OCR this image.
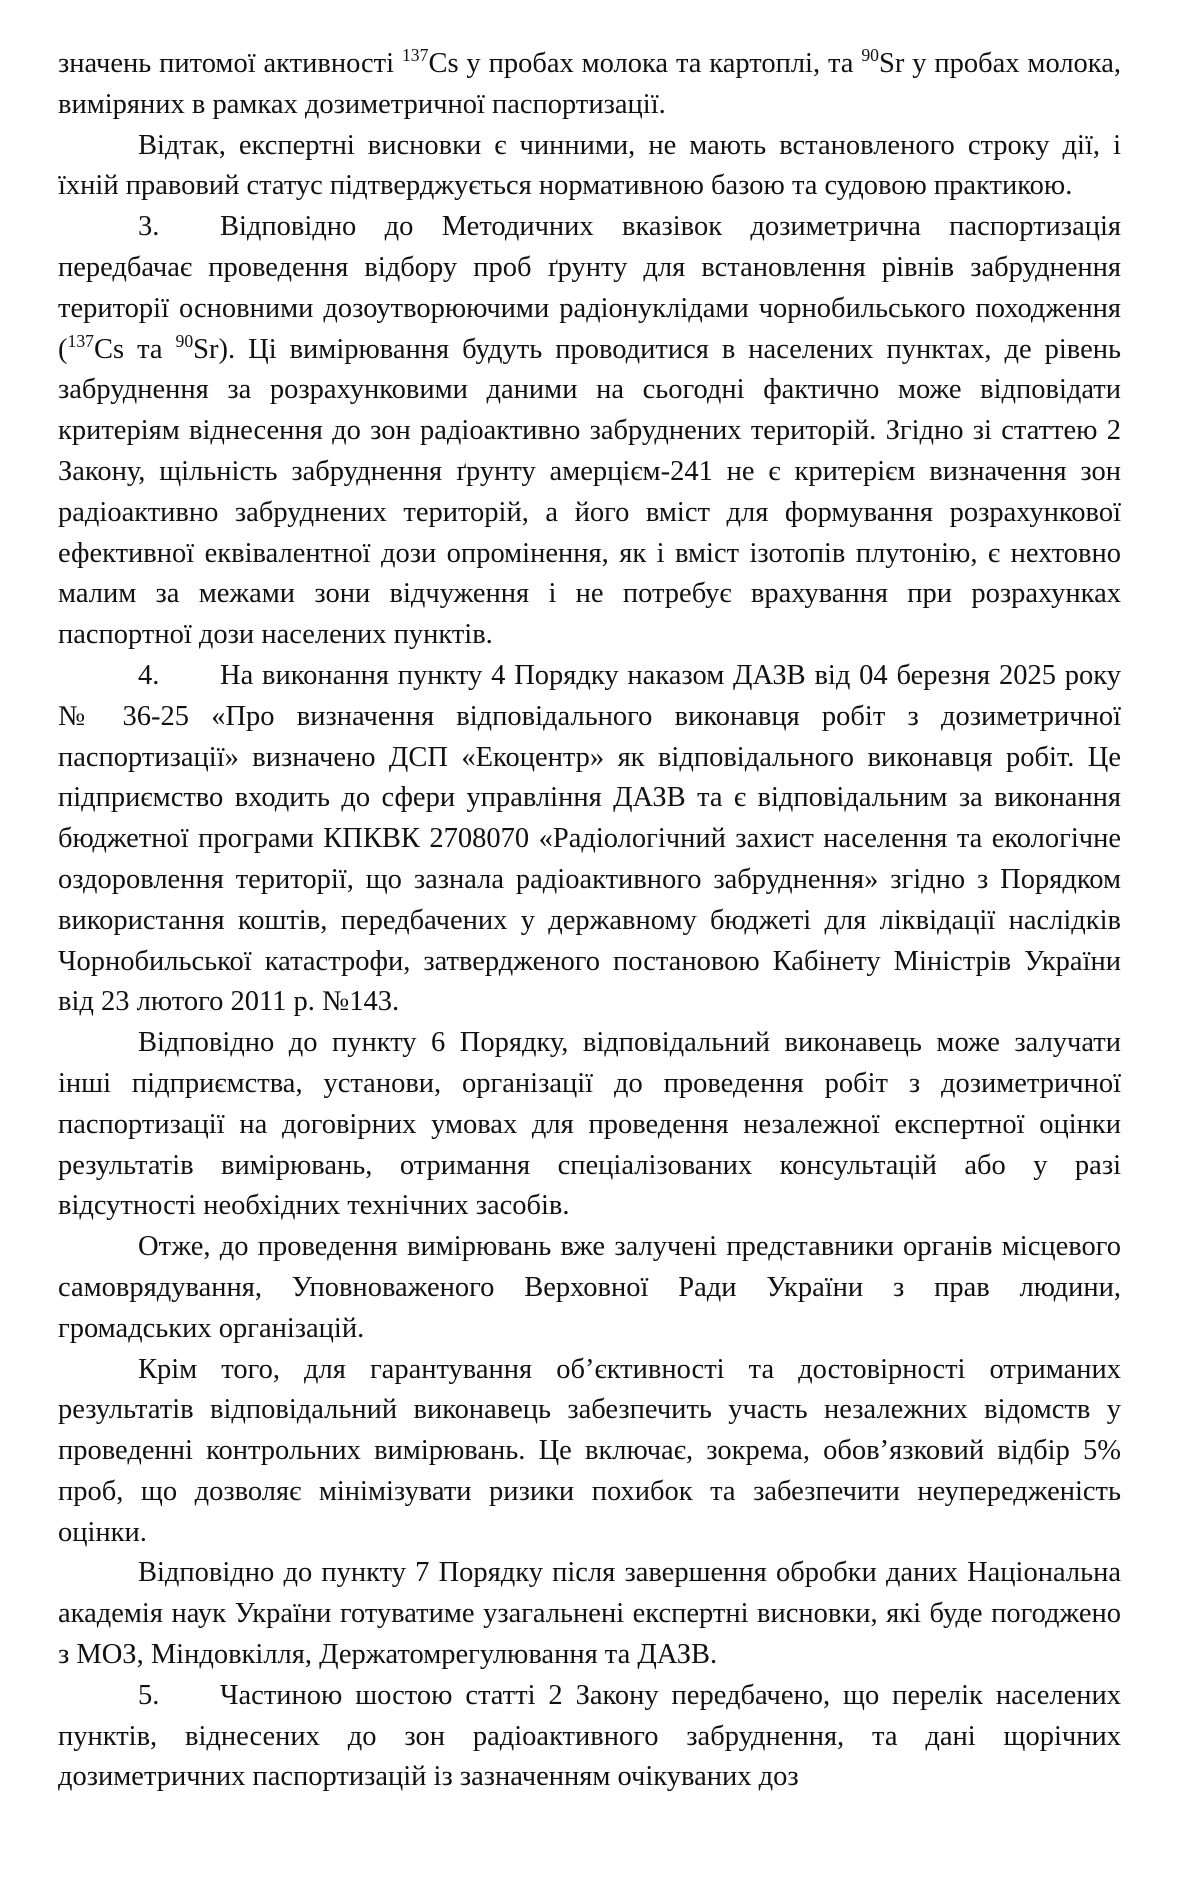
значень питомої активності $^{137}$Cs у пробах молока та картоплі, та $^{90}$Sr у пробах молока, виміряних в рамках дозиметричної паспортизації.

Відтак, експертні висновки є чинними, не мають встановленого строку дії, і їхній правовий статус підтверджується нормативною базою та судовою практикою.

3. Відповідно до Методичних вказівок дозиметрична паспортизація передбачає проведення відбору проб ґрунту для встановлення рівнів забруднення території основними дозоутворюючими радіонуклідами чорнобильського походження ($^{137}$Cs та $^{90}$Sr). Ці вимірювання будуть проводитися в населених пунктах, де рівень забруднення за розрахунковими даними на сьогодні фактично може відповідати критеріям віднесення до зон радіоактивно забруднених територій. Згідно зі статтею 2 Закону, щільність забруднення ґрунту амерцієм-241 не є критерієм визначення зон радіоактивно забруднених територій, а його вміст для формування розрахункової ефективної еквівалентної дози опромінення, як і вміст ізотопів плутонію, є нехтовно малим за межами зони відчуження і не потребує врахування при розрахунках паспортної дози населених пунктів.

4. На виконання пункту 4 Порядку наказом ДАЗВ від 04 березня 2025 року № 36-25 «Про визначення відповідального виконавця робіт з дозиметричної паспортизації» визначено ДСП «Екоцентр» як відповідального виконавця робіт. Це підприємство входить до сфери управління ДАЗВ та є відповідальним за виконання бюджетної програми КПКВК 2708070 «Радіологічний захист населення та екологічне оздоровлення території, що зазнала радіоактивного забруднення» згідно з Порядком використання коштів, передбачених у державному бюджеті для ліквідації наслідків Чорнобильської катастрофи, затвердженого постановою Кабінету Міністрів України від 23 лютого 2011 р. №143.

Відповідно до пункту 6 Порядку, відповідальний виконавець може залучати інші підприємства, установи, організації до проведення робіт з дозиметричної паспортизації на договірних умовах для проведення незалежної експертної оцінки результатів вимірювань, отримання спеціалізованих консультацій або у разі відсутності необхідних технічних засобів.

Отже, до проведення вимірювань вже залучені представники органів місцевого самоврядування, Уповноваженого Верховної Ради України з прав людини, громадських організацій.

Крім того, для гарантування об’єктивності та достовірності отриманих результатів відповідальний виконавець забезпечить участь незалежних відомств у проведенні контрольних вимірювань. Це включає, зокрема, обов’язковий відбір 5% проб, що дозволяє мінімізувати ризики похибок та забезпечити неупередженість оцінки.

Відповідно до пункту 7 Порядку після завершення обробки даних Національна академія наук України готуватиме узагальнені експертні висновки, які буде погоджено з МОЗ, Міндовкілля, Держатомрегулювання та ДАЗВ.

5. Частиною шостою статті 2 Закону передбачено, що перелік населених пунктів, віднесених до зон радіоактивного забруднення, та дані щорічних дозиметричних паспортизацій із зазначенням очікуваних доз
